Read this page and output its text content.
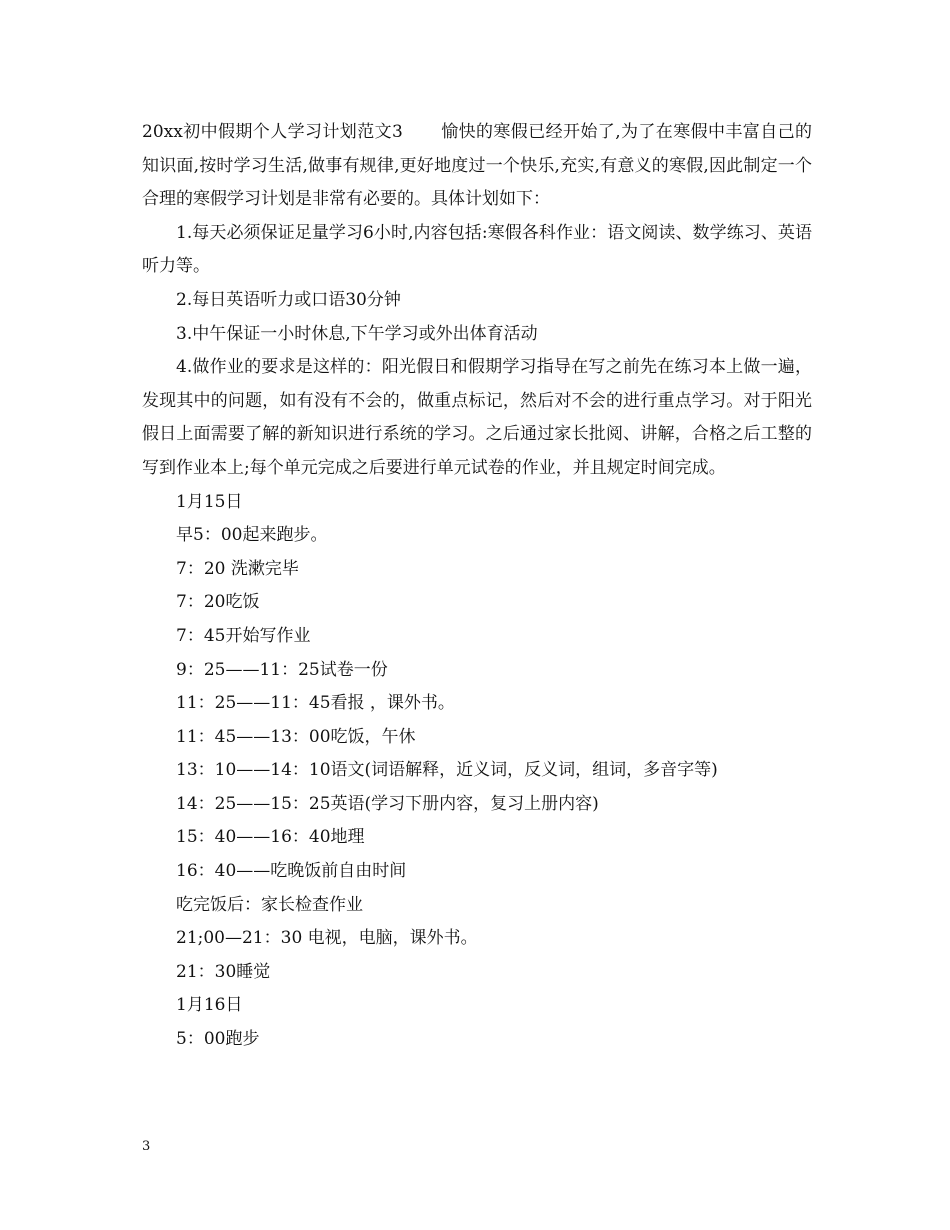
20xx初中假期个人学习计划范文3 愉快的寒假已经开始了,为了在寒假中丰富自己的知识面,按时学习生活,做事有规律,更好地度过一个快乐,充实,有意义的寒假,因此制定一个合理的寒假学习计划是非常有必要的。具体计划如下：

1.每天必须保证足量学习6小时,内容包括:寒假各科作业：语文阅读、数学练习、英语听力等。

2.每日英语听力或口语30分钟

3.中午保证一小时休息,下午学习或外出体育活动

4.做作业的要求是这样的：阳光假日和假期学习指导在写之前先在练习本上做一遍，发现其中的问题，如有没有不会的，做重点标记，然后对不会的进行重点学习。对于阳光假日上面需要了解的新知识进行系统的学习。之后通过家长批阅、讲解，合格之后工整的写到作业本上;每个单元完成之后要进行单元试卷的作业，并且规定时间完成。

1月15日

早5：00起来跑步。

7：20 洗漱完毕

7：20吃饭

7：45开始写作业

9：25——11：25试卷一份

11：25——11：45看报 ，课外书。

11：45——13：00吃饭，午休

13：10——14：10语文(词语解释，近义词，反义词，组词，多音字等)

14：25——15：25英语(学习下册内容，复习上册内容)

15：40——16：40地理

16：40——吃晚饭前自由时间

吃完饭后：家长检查作业

21;00—21：30 电视，电脑，课外书。

21：30睡觉

1月16日

5：00跑步

3
